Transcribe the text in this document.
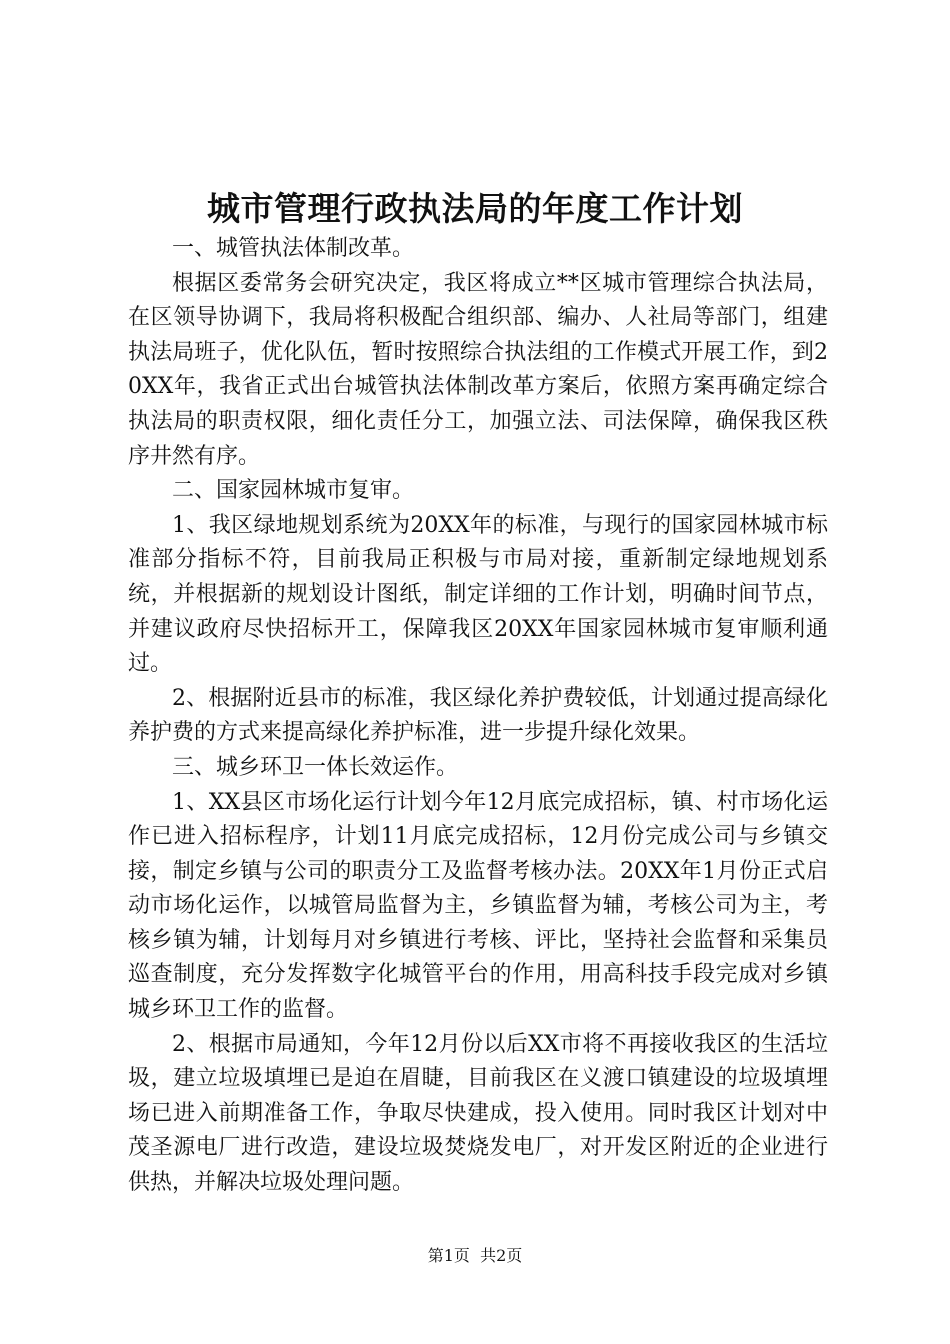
城市管理行政执法局的年度工作计划

一、城管执法体制改革。

根据区委常务会研究决定，我区将成立**区城市管理综合执法局，在区领导协调下，我局将积极配合组织部、编办、人社局等部门，组建执法局班子，优化队伍，暂时按照综合执法组的工作模式开展工作，到20XX年，我省正式出台城管执法体制改革方案后，依照方案再确定综合执法局的职责权限，细化责任分工，加强立法、司法保障，确保我区秩序井然有序。

二、国家园林城市复审。

1、我区绿地规划系统为20XX年的标准，与现行的国家园林城市标准部分指标不符，目前我局正积极与市局对接，重新制定绿地规划系统，并根据新的规划设计图纸，制定详细的工作计划，明确时间节点，并建议政府尽快招标开工，保障我区20XX年国家园林城市复审顺利通过。

2、根据附近县市的标准，我区绿化养护费较低，计划通过提高绿化养护费的方式来提高绿化养护标准，进一步提升绿化效果。

三、城乡环卫一体长效运作。

1、XX县区市场化运行计划今年12月底完成招标，镇、村市场化运作已进入招标程序，计划11月底完成招标，12月份完成公司与乡镇交接，制定乡镇与公司的职责分工及监督考核办法。20XX年1月份正式启动市场化运作，以城管局监督为主，乡镇监督为辅，考核公司为主，考核乡镇为辅，计划每月对乡镇进行考核、评比，坚持社会监督和采集员巡查制度，充分发挥数字化城管平台的作用，用高科技手段完成对乡镇城乡环卫工作的监督。

2、根据市局通知，今年12月份以后XX市将不再接收我区的生活垃圾，建立垃圾填埋已是迫在眉睫，目前我区在义渡口镇建设的垃圾填埋场已进入前期准备工作，争取尽快建成，投入使用。同时我区计划对中茂圣源电厂进行改造，建设垃圾焚烧发电厂，对开发区附近的企业进行供热，并解决垃圾处理问题。

第1页 共2页
